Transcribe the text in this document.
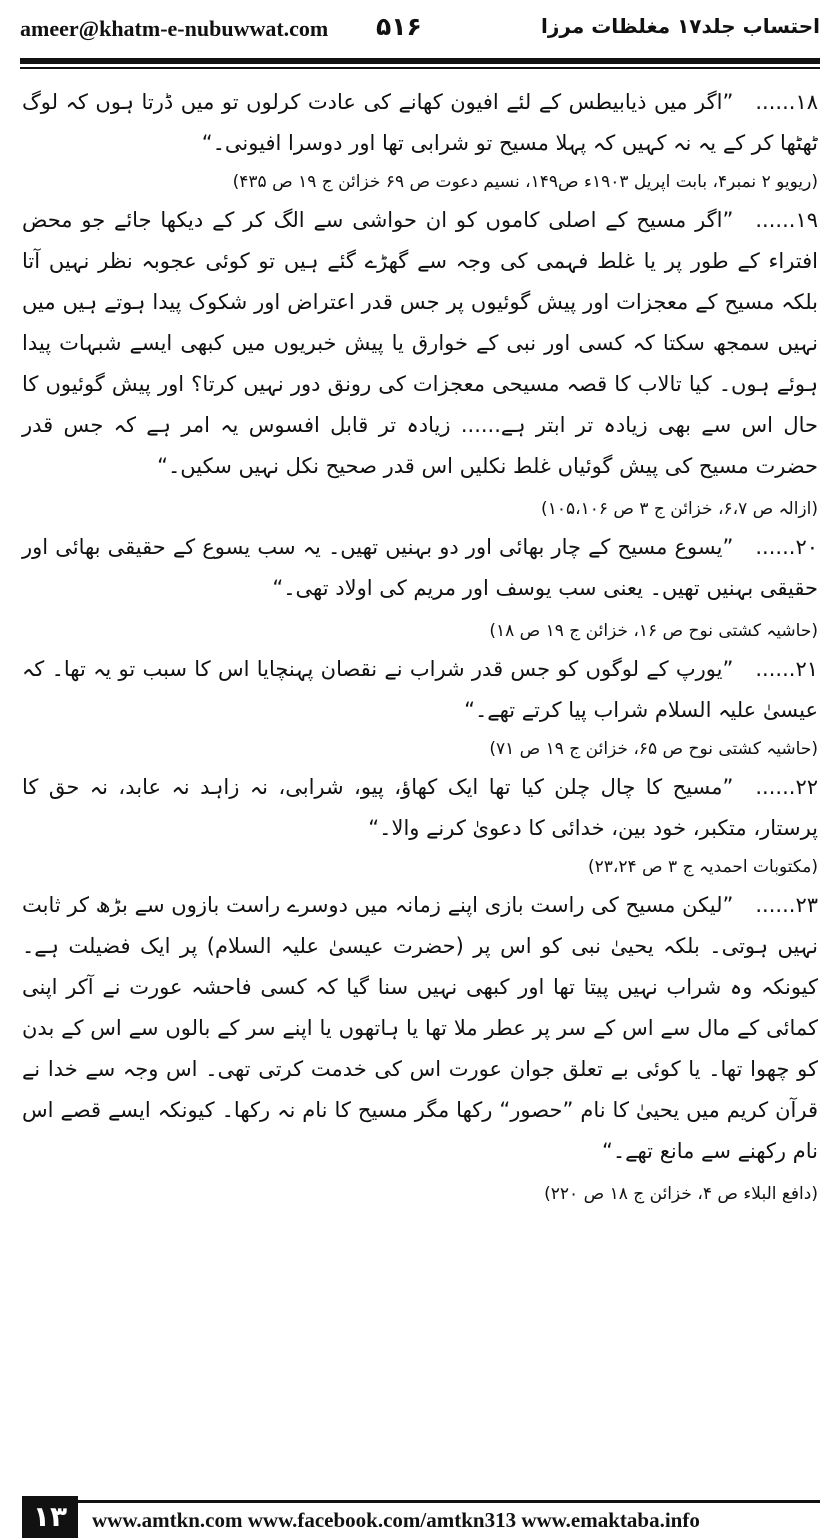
ameer@khatm-e-nubuwwat.com ۵۱۶	احتساب جلد۱۷ مغلظات مرزا

۱۸......”اگر میں ذیابیطس کے لئے افیون کھانے کی عادت کرلوں تو میں ڈرتا ہوں کہ لوگ ٹھٹھا کر کے یہ نہ کہیں کہ پہلا مسیح تو شرابی تھا اور دوسرا افیونی۔“

(ریویو ۲ نمبر۴، بابت اپریل ۱۹۰۳ء ص۱۴۹، نسیم دعوت ص ۶۹ خزائن ج ۱۹ ص ۴۳۵)

۱۹......”اگر مسیح کے اصلی کاموں کو ان حواشی سے الگ کر کے دیکھا جائے جو محض افتراء کے طور پر یا غلط فہمی کی وجہ سے گھڑے گئے ہیں تو کوئی عجوبہ نظر نہیں آتا بلکہ مسیح کے معجزات اور پیش گوئیوں پر جس قدر اعتراض اور شکوک پیدا ہوتے ہیں میں نہیں سمجھ سکتا کہ کسی اور نبی کے خوارق یا پیش خبریوں میں کبھی ایسے شبہات پیدا ہوئے ہوں۔ کیا تالاب کا قصہ مسیحی معجزات کی رونق دور نہیں کرتا؟ اور پیش گوئیوں کا حال اس سے بھی زیادہ تر ابتر ہے...... زیادہ تر قابل افسوس یہ امر ہے کہ جس قدر حضرت مسیح کی پیش گوئیاں غلط نکلیں اس قدر صحیح نکل نہیں سکیں۔“

(ازالہ ص ۶،۷، خزائن ج ۳ ص ۱۰۵،۱۰۶)

۲۰......”یسوع مسیح کے چار بھائی اور دو بہنیں تھیں۔ یہ سب یسوع کے حقیقی بھائی اور حقیقی بہنیں تھیں۔ یعنی سب یوسف اور مریم کی اولاد تھی۔“

(حاشیہ کشتی نوح ص ۱۶، خزائن ج ۱۹ ص ۱۸)

۲۱......”یورپ کے لوگوں کو جس قدر شراب نے نقصان پہنچایا اس کا سبب تو یہ تھا۔ کہ عیسیٰ علیہ السلام شراب پیا کرتے تھے۔“

(حاشیہ کشتی نوح ص ۶۵، خزائن ج ۱۹ ص ۷۱)

۲۲......”مسیح کا چال چلن کیا تھا ایک کھاؤ، پیو، شرابی، نہ زاہد نہ عابد، نہ حق کا پرستار، متکبر، خود بین، خدائی کا دعویٰ کرنے والا۔“

(مکتوبات احمدیہ ج ۳ ص ۲۳،۲۴)

۲۳......”لیکن مسیح کی راست بازی اپنے زمانہ میں دوسرے راست بازوں سے بڑھ کر ثابت نہیں ہوتی۔ بلکہ یحییٰ نبی کو اس پر (حضرت عیسیٰ علیہ السلام) پر ایک فضیلت ہے۔ کیونکہ وہ شراب نہیں پیتا تھا اور کبھی نہیں سنا گیا کہ کسی فاحشہ عورت نے آکر اپنی کمائی کے مال سے اس کے سر پر عطر ملا تھا یا ہاتھوں یا اپنے سر کے بالوں سے اس کے بدن کو چھوا تھا۔ یا کوئی بے تعلق جوان عورت اس کی خدمت کرتی تھی۔ اس وجہ سے خدا نے قرآن کریم میں یحییٰ کا نام ”حصور“ رکھا مگر مسیح کا نام نہ رکھا۔ کیونکہ ایسے قصے اس نام رکھنے سے مانع تھے۔“

(دافع البلاء ص ۴، خزائن ج ۱۸ ص ۲۲۰)

۱۳	www.amtkn.com www.facebook.com/amtkn313 www.emaktaba.info
